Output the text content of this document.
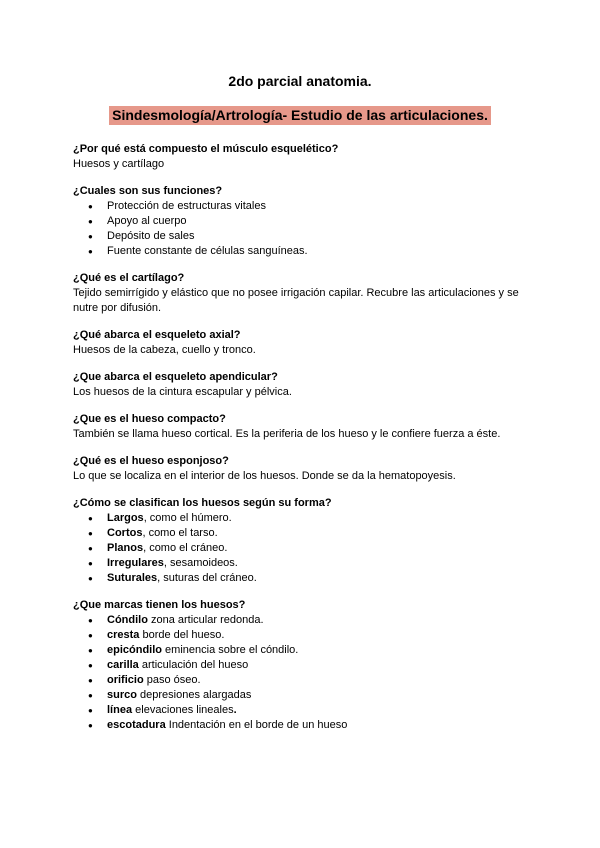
2do parcial anatomia.
Sindesmología/Artrología- Estudio de las articulaciones.
¿Por qué está compuesto el músculo esquelético?
Huesos y cartílago
¿Cuales son sus funciones?
● Protección de estructuras vitales
● Apoyo al cuerpo
● Depósito de sales
● Fuente constante de células sanguíneas.
¿Qué es el cartílago?
Tejido semirrígido y elástico que no posee irrigación capilar. Recubre las articulaciones y se nutre por difusión.
¿Qué abarca el esqueleto axial?
Huesos de la cabeza, cuello y tronco.
¿Que abarca el esqueleto apendicular?
Los huesos de la cintura escapular y pélvica.
¿Que es el hueso compacto?
También se llama hueso cortical. Es la periferia de los hueso y le confiere fuerza a éste.
¿Qué es el hueso esponjoso?
Lo que se localiza en el interior de los huesos. Donde se da la hematopoyesis.
¿Cómo se clasifican los huesos según su forma?
● Largos, como el húmero.
● Cortos, como el tarso.
● Planos, como el cráneo.
● Irregulares, sesamoideos.
● Suturales, suturas del cráneo.
¿Que marcas tienen los huesos?
● Cóndilo zona articular redonda.
● cresta borde del hueso.
● epicóndilo eminencia sobre el cóndilo.
● carilla articulación del hueso
● orificio paso óseo.
● surco depresiones alargadas
● línea elevaciones lineales.
● escotadura Indentación en el borde de un hueso
